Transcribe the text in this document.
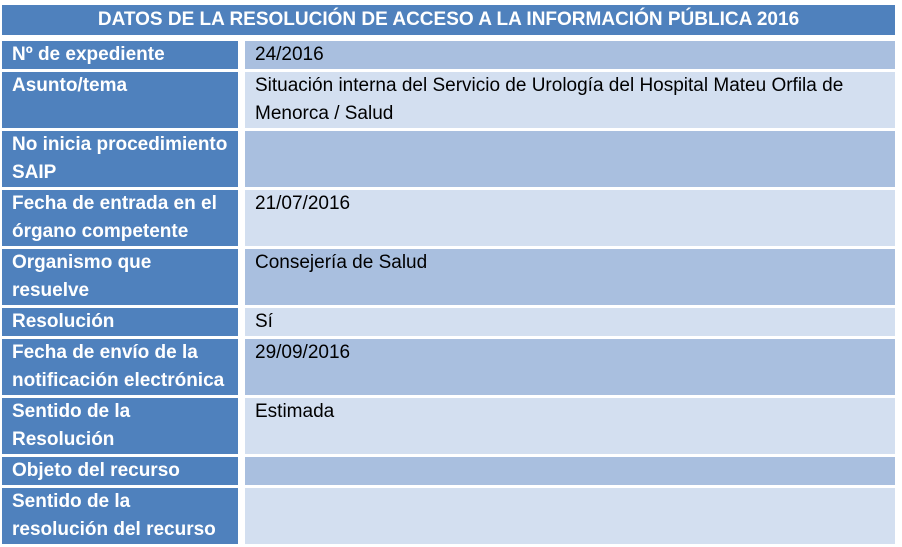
DATOS DE LA RESOLUCIÓN DE ACCESO A LA INFORMACIÓN PÚBLICA 2016
Nº de expediente	24/2016
Asunto/tema	Situación interna del Servicio de Urología del Hospital Mateu Orfila de Menorca / Salud
No inicia procedimiento SAIP	
Fecha de entrada en el órgano competente	21/07/2016
Organismo que resuelve	Consejería de Salud
Resolución	Sí
Fecha de envío de la notificación electrónica	29/09/2016
Sentido de la Resolución	Estimada
Objeto del recurso	
Sentido de la resolución del recurso	
